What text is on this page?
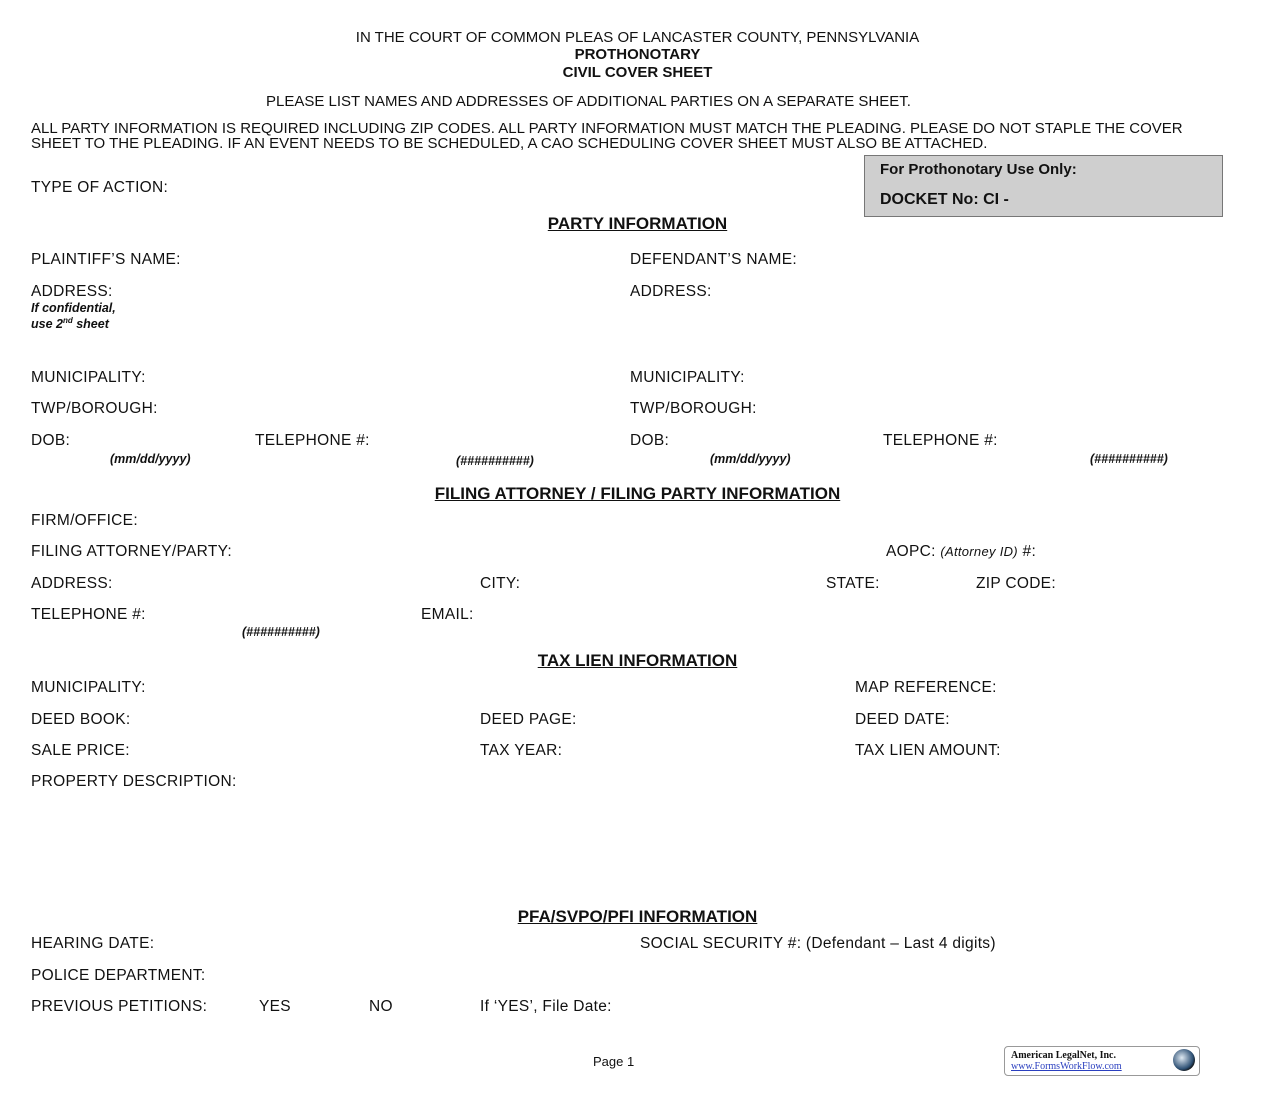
IN THE COURT OF COMMON PLEAS OF LANCASTER COUNTY, PENNSYLVANIA
PROTHONOTARY
CIVIL COVER SHEET
PLEASE LIST NAMES AND ADDRESSES OF ADDITIONAL PARTIES ON A SEPARATE SHEET.
ALL PARTY INFORMATION IS REQUIRED INCLUDING ZIP CODES. ALL PARTY INFORMATION MUST MATCH THE PLEADING. PLEASE DO NOT STAPLE THE COVER SHEET TO THE PLEADING. IF AN EVENT NEEDS TO BE SCHEDULED, A CAO SCHEDULING COVER SHEET MUST ALSO BE ATTACHED.
TYPE OF ACTION:
For Prothonotary Use Only:
DOCKET No: CI -
PARTY INFORMATION
PLAINTIFF’S NAME:	DEFENDANT’S NAME:
ADDRESS:	ADDRESS:
If confidential,
use 2nd sheet
MUNICIPALITY:	MUNICIPALITY:
TWP/BOROUGH:	TWP/BOROUGH:
DOB:	TELEPHONE #:	DOB:	TELEPHONE #:
(mm/dd/yyyy)	(##########)	(mm/dd/yyyy)	(##########)
FILING ATTORNEY / FILING PARTY INFORMATION
FIRM/OFFICE:
FILING ATTORNEY/PARTY:	AOPC: (Attorney ID) #:
ADDRESS:	CITY:	STATE:	ZIP CODE:
TELEPHONE #:	EMAIL:
(##########)
TAX LIEN INFORMATION
MUNICIPALITY:	MAP REFERENCE:
DEED BOOK:	DEED PAGE:	DEED DATE:
SALE PRICE:	TAX YEAR:	TAX LIEN AMOUNT:
PROPERTY DESCRIPTION:
PFA/SVPO/PFI INFORMATION
HEARING DATE:	SOCIAL SECURITY #: (Defendant – Last 4 digits)
POLICE DEPARTMENT:
PREVIOUS PETITIONS:	YES	NO	If ‘YES’, File Date:
Page 1	American LegalNet, Inc.
www.FormsWorkFlow.com
